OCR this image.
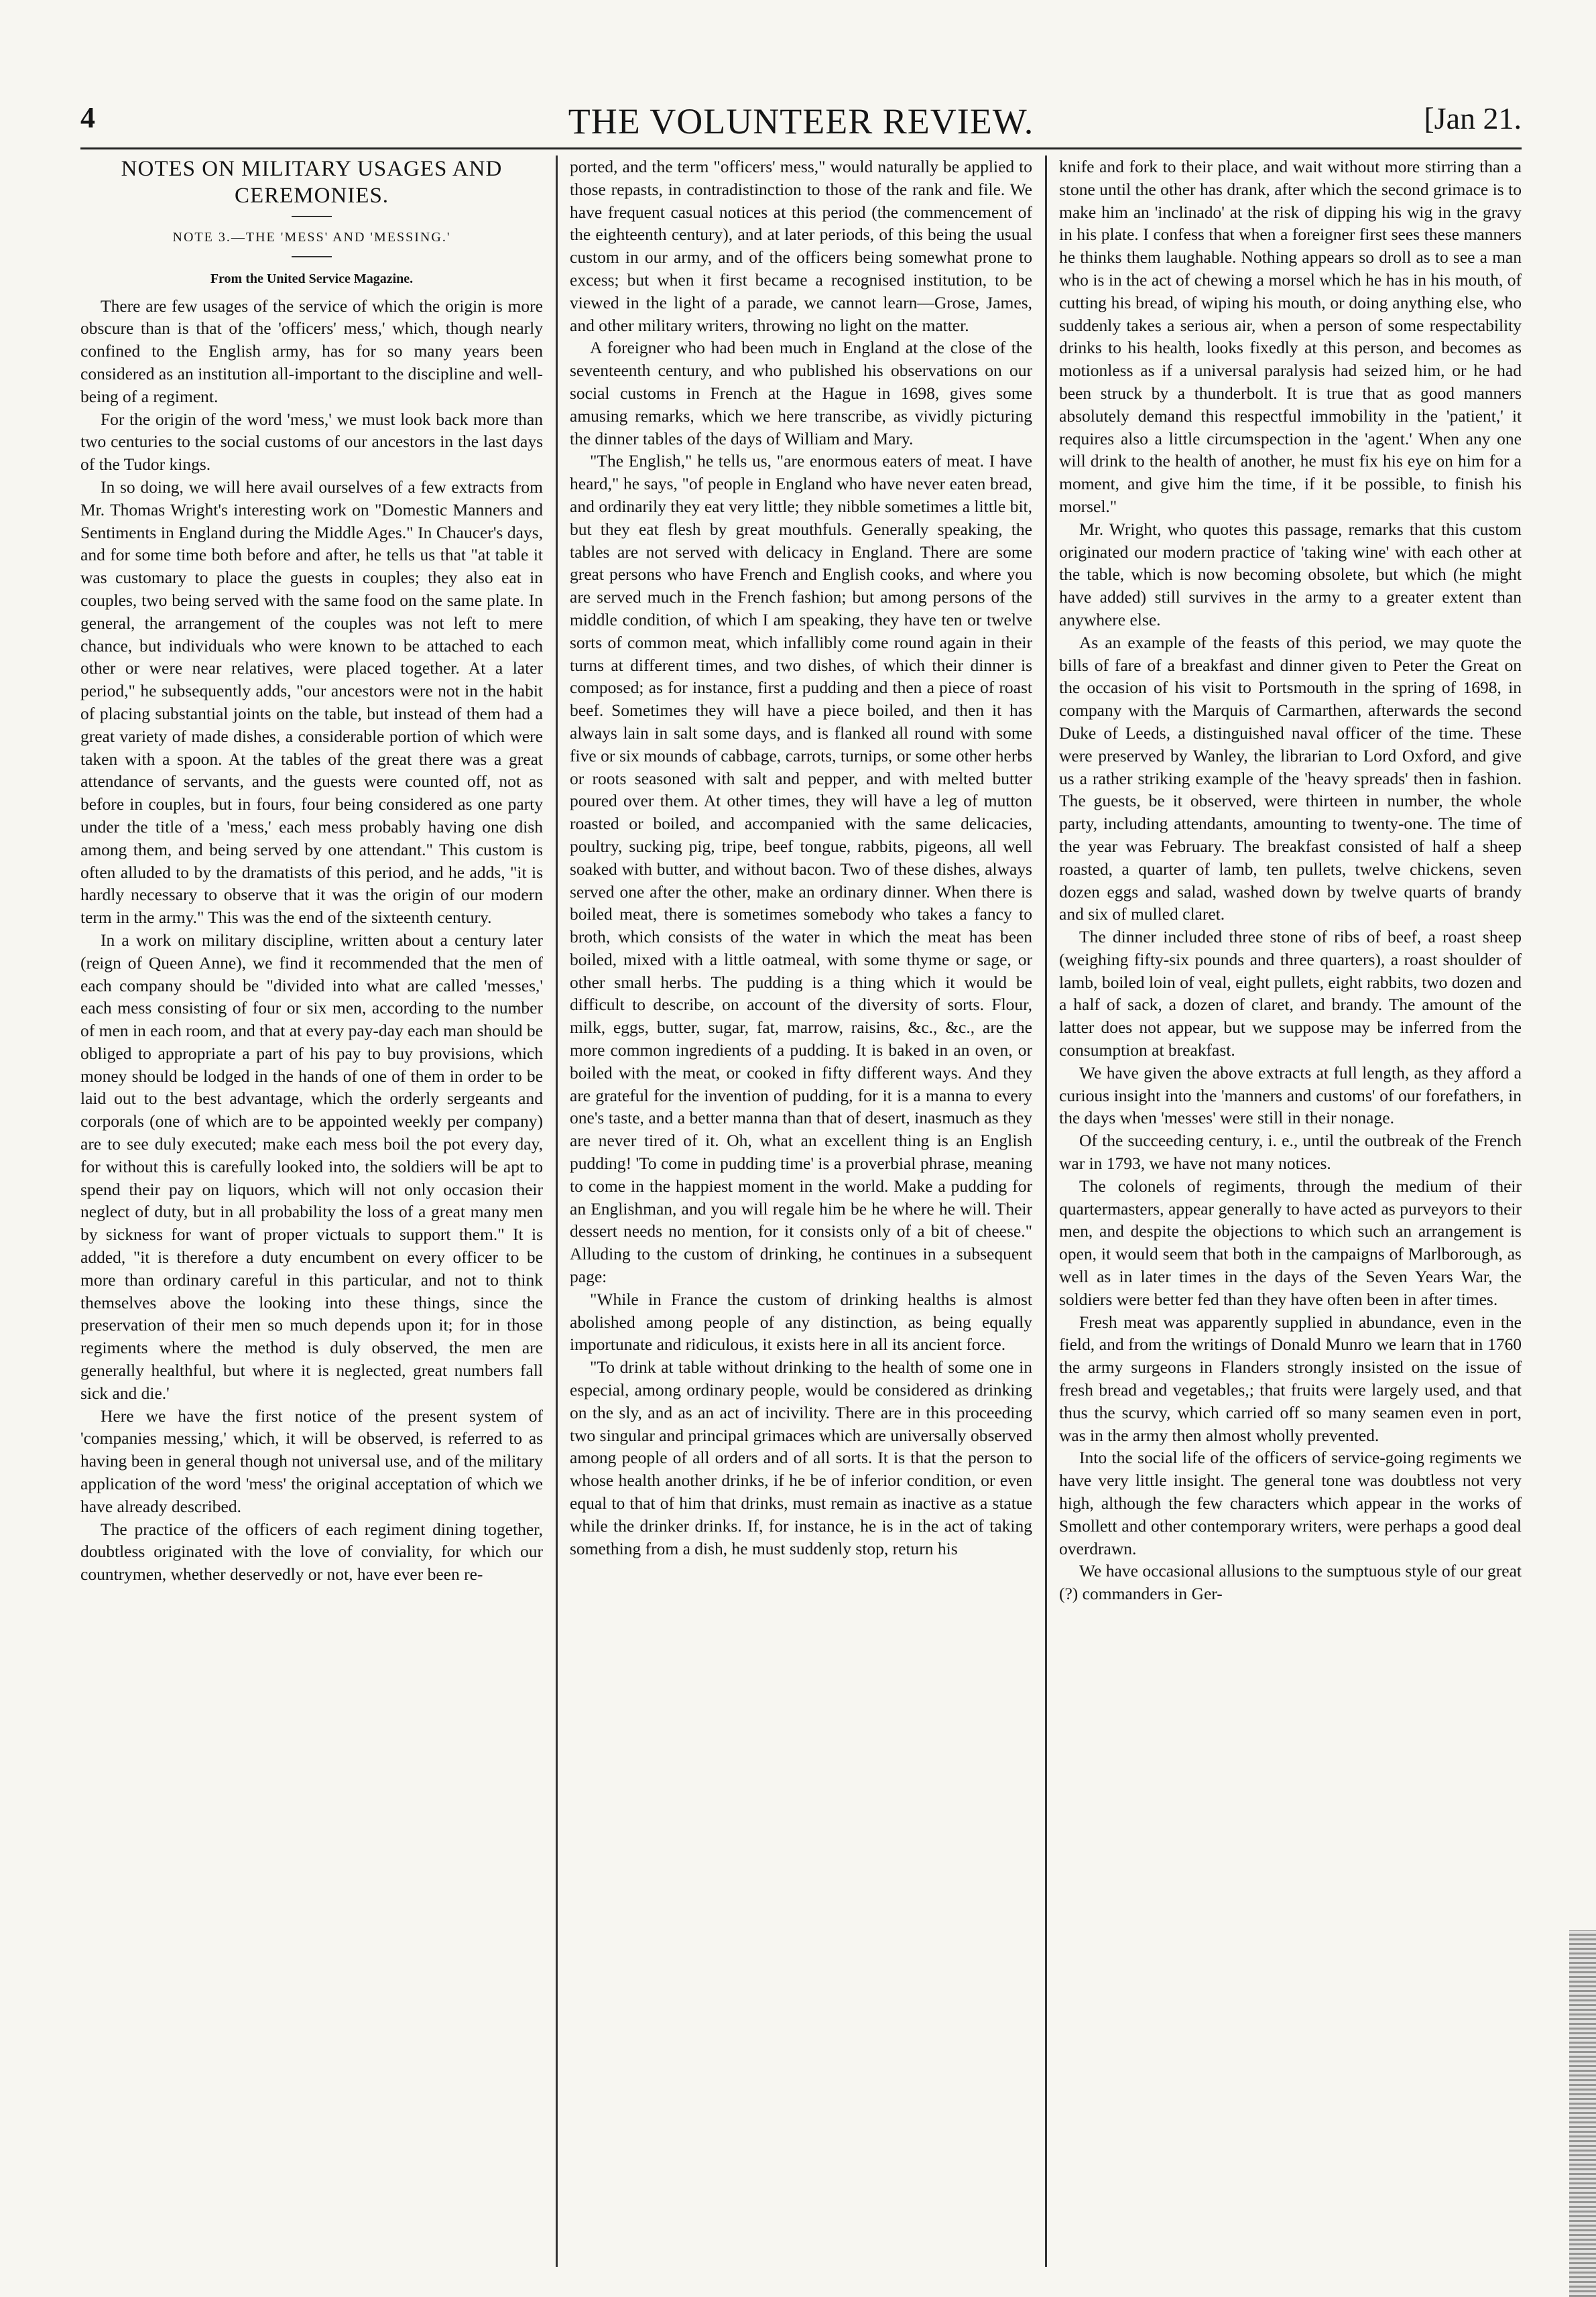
4	THE VOLUNTEER REVIEW.	[Jan 21.
NOTES ON MILITARY USAGES AND CEREMONIES.
NOTE 3.—THE 'MESS' AND 'MESSING.'
From the United Service Magazine.

There are few usages of the service of which the origin is more obscure than is that of the 'officers' mess,' which, though nearly confined to the English army, has for so many years been considered as an institution all-important to the discipline and well-being of a regiment.

For the origin of the word 'mess,' we must look back more than two centuries to the social customs of our ancestors in the last days of the Tudor kings.

In so doing, we will here avail ourselves of a few extracts from Mr. Thomas Wright's interesting work on "Domestic Manners and Sentiments in England during the Middle Ages." In Chaucer's days, and for some time both before and after, he tells us that "at table it was customary to place the guests in couples; they also eat in couples, two being served with the same food on the same plate. In general, the arrangement of the couples was not left to mere chance, but individuals who were known to be attached to each other or were near relatives, were placed together. At a later period," he subsequently adds, "our ancestors were not in the habit of placing substantial joints on the table, but instead of them had a great variety of made dishes, a considerable portion of which were taken with a spoon. At the tables of the great there was a great attendance of servants, and the guests were counted off, not as before in couples, but in fours, four being considered as one party under the title of a 'mess,' each mess probably having one dish among them, and being served by one attendant." This custom is often alluded to by the dramatists of this period, and he adds, "it is hardly necessary to observe that it was the origin of our modern term in the army." This was the end of the sixteenth century.

In a work on military discipline, written about a century later (reign of Queen Anne), we find it recommended that the men of each company should be "divided into what are called 'messes,' each mess consisting of four or six men, according to the number of men in each room, and that at every pay-day each man should be obliged to appropriate a part of his pay to buy provisions, which money should be lodged in the hands of one of them in order to be laid out to the best advantage, which the orderly sergeants and corporals (one of which are to be appointed weekly per company) are to see duly executed; make each mess boil the pot every day, for without this is carefully looked into, the soldiers will be apt to spend their pay on liquors, which will not only occasion their neglect of duty, but in all probability the loss of a great many men by sickness for want of proper victuals to support them." It is added, "it is therefore a duty encumbent on every officer to be more than ordinary careful in this particular, and not to think themselves above the looking into these things, since the preservation of their men so much depends upon it; for in those regiments where the method is duly observed, the men are generally healthful, but where it is neglected, great numbers fall sick and die.'

Here we have the first notice of the present system of 'companies messing,' which, it will be observed, is referred to as having been in general though not universal use, and of the military application of the word 'mess' the original acceptation of which we have already described.

The practice of the officers of each regiment dining together, doubtless originated with the love of conviality, for which our countrymen, whether deservedly or not, have ever been re-

ported, and the term "officers' mess," would naturally be applied to those repasts, in contradistinction to those of the rank and file. We have frequent casual notices at this period (the commencement of the eighteenth century), and at later periods, of this being the usual custom in our army, and of the officers being somewhat prone to excess; but when it first became a recognised institution, to be viewed in the light of a parade, we cannot learn—Grose, James, and other military writers, throwing no light on the matter.

A foreigner who had been much in England at the close of the seventeenth century, and who published his observations on our social customs in French at the Hague in 1698, gives some amusing remarks, which we here transcribe, as vividly picturing the dinner tables of the days of William and Mary.

"The English," he tells us, "are enormous eaters of meat. I have heard," he says, "of people in England who have never eaten bread, and ordinarily they eat very little; they nibble sometimes a little bit, but they eat flesh by great mouthfuls. Generally speaking, the tables are not served with delicacy in England. There are some great persons who have French and English cooks, and where you are served much in the French fashion; but among persons of the middle condition, of which I am speaking, they have ten or twelve sorts of common meat, which infallibly come round again in their turns at different times, and two dishes, of which their dinner is composed; as for instance, first a pudding and then a piece of roast beef. Sometimes they will have a piece boiled, and then it has always lain in salt some days, and is flanked all round with some five or six mounds of cabbage, carrots, turnips, or some other herbs or roots seasoned with salt and pepper, and with melted butter poured over them. At other times, they will have a leg of mutton roasted or boiled, and accompanied with the same delicacies, poultry, sucking pig, tripe, beef tongue, rabbits, pigeons, all well soaked with butter, and without bacon. Two of these dishes, always served one after the other, make an ordinary dinner. When there is boiled meat, there is sometimes somebody who takes a fancy to broth, which consists of the water in which the meat has been boiled, mixed with a little oatmeal, with some thyme or sage, or other small herbs. The pudding is a thing which it would be difficult to describe, on account of the diversity of sorts. Flour, milk, eggs, butter, sugar, fat, marrow, raisins, &c., &c., are the more common ingredients of a pudding. It is baked in an oven, or boiled with the meat, or cooked in fifty different ways. And they are grateful for the invention of pudding, for it is a manna to every one's taste, and a better manna than that of desert, inasmuch as they are never tired of it. Oh, what an excellent thing is an English pudding! 'To come in pudding time' is a proverbial phrase, meaning to come in the happiest moment in the world. Make a pudding for an Englishman, and you will regale him be he where he will. Their dessert needs no mention, for it consists only of a bit of cheese." Alluding to the custom of drinking, he continues in a subsequent page:

"While in France the custom of drinking healths is almost abolished among people of any distinction, as being equally importunate and ridiculous, it exists here in all its ancient force.

"To drink at table without drinking to the health of some one in especial, among ordinary people, would be considered as drinking on the sly, and as an act of incivility. There are in this proceeding two singular and principal grimaces which are universally observed among people of all orders and of all sorts. It is that the person to whose health another drinks, if he be of inferior condition, or even equal to that of him that drinks, must remain as inactive as a statue while the drinker drinks. If, for instance, he is in the act of taking something from a dish, he must suddenly stop, return his

knife and fork to their place, and wait without more stirring than a stone until the other has drank, after which the second grimace is to make him an 'inclinado' at the risk of dipping his wig in the gravy in his plate. I confess that when a foreigner first sees these manners he thinks them laughable. Nothing appears so droll as to see a man who is in the act of chewing a morsel which he has in his mouth, of cutting his bread, of wiping his mouth, or doing anything else, who suddenly takes a serious air, when a person of some respectability drinks to his health, looks fixedly at this person, and becomes as motionless as if a universal paralysis had seized him, or he had been struck by a thunderbolt. It is true that as good manners absolutely demand this respectful immobility in the 'patient,' it requires also a little circumspection in the 'agent.' When any one will drink to the health of another, he must fix his eye on him for a moment, and give him the time, if it be possible, to finish his morsel."

Mr. Wright, who quotes this passage, remarks that this custom originated our modern practice of 'taking wine' with each other at the table, which is now becoming obsolete, but which (he might have added) still survives in the army to a greater extent than anywhere else.

As an example of the feasts of this period, we may quote the bills of fare of a breakfast and dinner given to Peter the Great on the occasion of his visit to Portsmouth in the spring of 1698, in company with the Marquis of Carmarthen, afterwards the second Duke of Leeds, a distinguished naval officer of the time. These were preserved by Wanley, the librarian to Lord Oxford, and give us a rather striking example of the 'heavy spreads' then in fashion. The guests, be it observed, were thirteen in number, the whole party, including attendants, amounting to twenty-one. The time of the year was February. The breakfast consisted of half a sheep roasted, a quarter of lamb, ten pullets, twelve chickens, seven dozen eggs and salad, washed down by twelve quarts of brandy and six of mulled claret.

The dinner included three stone of ribs of beef, a roast sheep (weighing fifty-six pounds and three quarters), a roast shoulder of lamb, boiled loin of veal, eight pullets, eight rabbits, two dozen and a half of sack, a dozen of claret, and brandy. The amount of the latter does not appear, but we suppose may be inferred from the consumption at breakfast.

We have given the above extracts at full length, as they afford a curious insight into the 'manners and customs' of our forefathers, in the days when 'messes' were still in their nonage.

Of the succeeding century, i. e., until the outbreak of the French war in 1793, we have not many notices.

The colonels of regiments, through the medium of their quartermasters, appear generally to have acted as purveyors to their men, and despite the objections to which such an arrangement is open, it would seem that both in the campaigns of Marlborough, as well as in later times in the days of the Seven Years War, the soldiers were better fed than they have often been in after times.

Fresh meat was apparently supplied in abundance, even in the field, and from the writings of Donald Munro we learn that in 1760 the army surgeons in Flanders strongly insisted on the issue of fresh bread and vegetables,; that fruits were largely used, and that thus the scurvy, which carried off so many seamen even in port, was in the army then almost wholly prevented.

Into the social life of the officers of service-going regiments we have very little insight. The general tone was doubtless not very high, although the few characters which appear in the works of Smollett and other contemporary writers, were perhaps a good deal overdrawn.

We have occasional allusions to the sumptuous style of our great (?) commanders in Ger-
